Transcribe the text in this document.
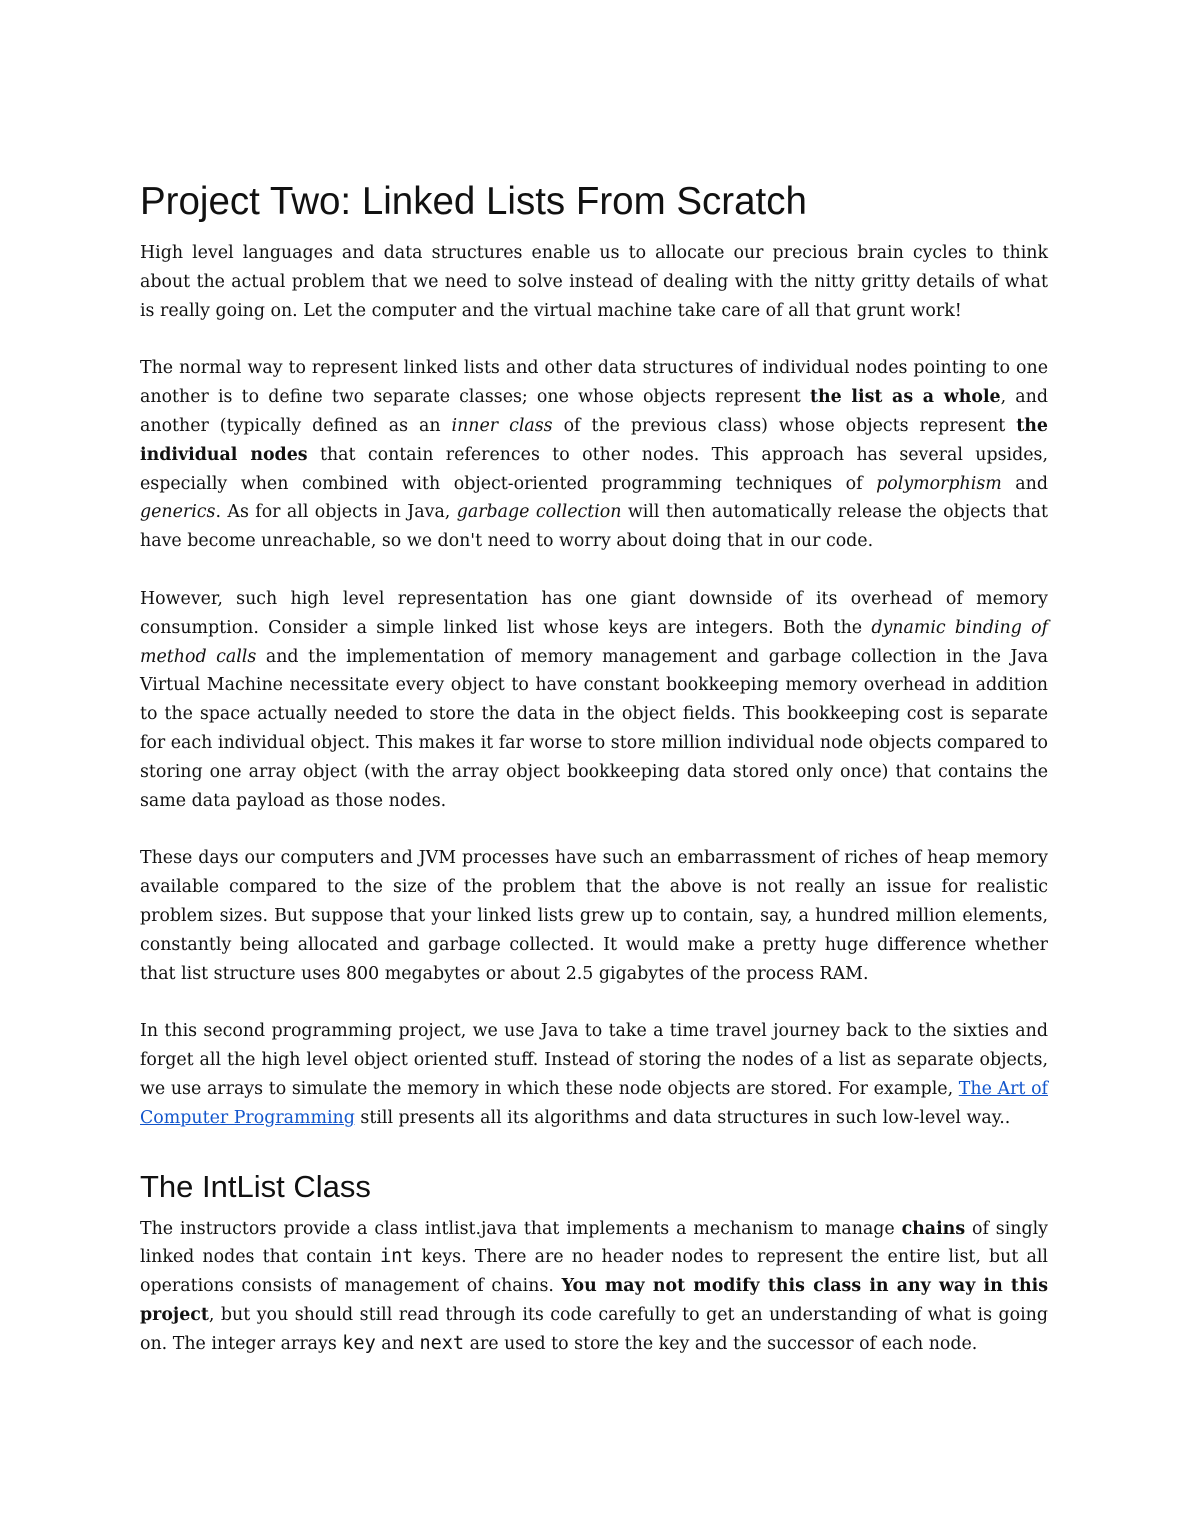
Project Two: Linked Lists From Scratch

High level languages and data structures enable us to allocate our precious brain cycles to think about the actual problem that we need to solve instead of dealing with the nitty gritty details of what is really going on. Let the computer and the virtual machine take care of all that grunt work!

The normal way to represent linked lists and other data structures of individual nodes pointing to one another is to define two separate classes; one whose objects represent the list as a whole, and another (typically defined as an inner class of the previous class) whose objects represent the individual nodes that contain references to other nodes. This approach has several upsides, especially when combined with object-oriented programming techniques of polymorphism and generics. As for all objects in Java, garbage collection will then automatically release the objects that have become unreachable, so we don't need to worry about doing that in our code.

However, such high level representation has one giant downside of its overhead of memory consumption. Consider a simple linked list whose keys are integers. Both the dynamic binding of method calls and the implementation of memory management and garbage collection in the Java Virtual Machine necessitate every object to have constant bookkeeping memory overhead in addition to the space actually needed to store the data in the object fields. This bookkeeping cost is separate for each individual object. This makes it far worse to store million individual node objects compared to storing one array object (with the array object bookkeeping data stored only once) that contains the same data payload as those nodes.

These days our computers and JVM processes have such an embarrassment of riches of heap memory available compared to the size of the problem that the above is not really an issue for realistic problem sizes. But suppose that your linked lists grew up to contain, say, a hundred million elements, constantly being allocated and garbage collected. It would make a pretty huge difference whether that list structure uses 800 megabytes or about 2.5 gigabytes of the process RAM.

In this second programming project, we use Java to take a time travel journey back to the sixties and forget all the high level object oriented stuff. Instead of storing the nodes of a list as separate objects, we use arrays to simulate the memory in which these node objects are stored. For example, The Art of Computer Programming still presents all its algorithms and data structures in such low-level way..

The IntList Class

The instructors provide a class intlist.java that implements a mechanism to manage chains of singly linked nodes that contain int keys. There are no header nodes to represent the entire list, but all operations consists of management of chains. You may not modify this class in any way in this project, but you should still read through its code carefully to get an understanding of what is going on. The integer arrays key and next are used to store the key and the successor of each node.
